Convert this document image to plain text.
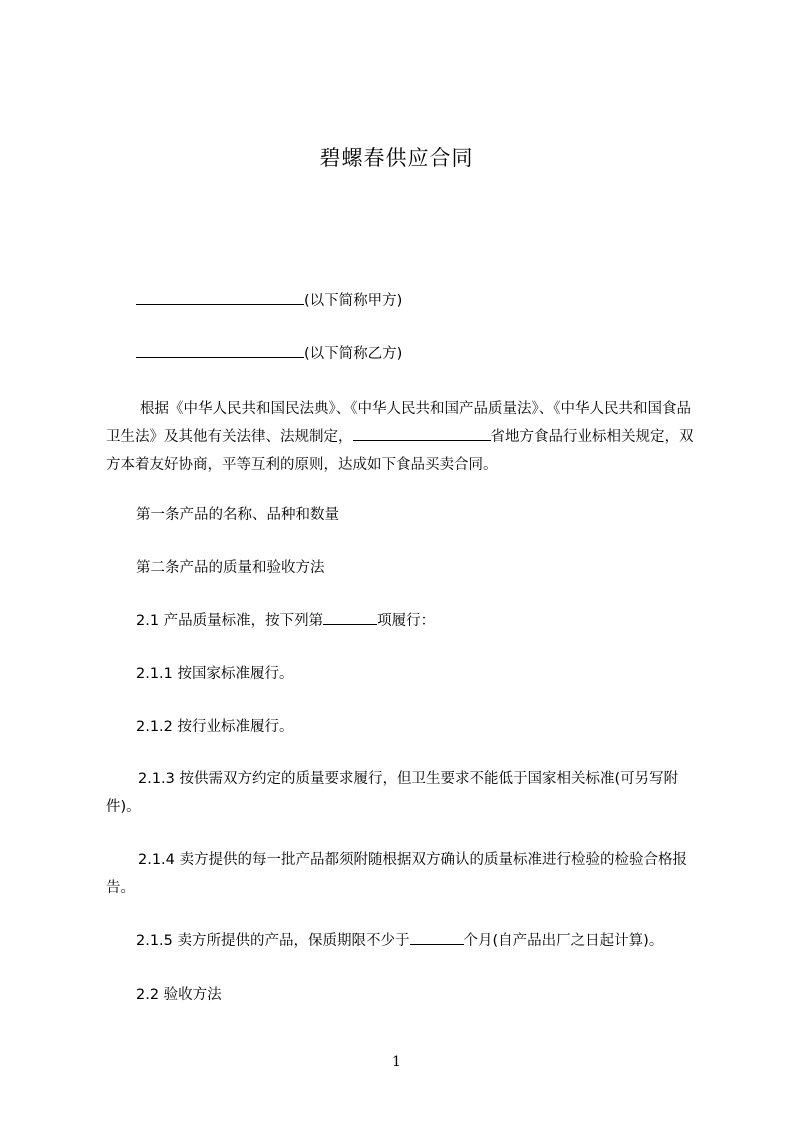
碧螺春供应合同

(以下简称甲方)

(以下简称乙方)

根据《中华人民共和国民法典》、《中华人民共和国产品质量法》、《中华人民共和国食品卫生法》及其他有关法律、法规制定，	省地方食品行业标相关规定，双方本着友好协商，平等互利的原则，达成如下食品买卖合同。

第一条产品的名称、品种和数量

第二条产品的质量和验收方法

2.1 产品质量标准，按下列第	项履行：

2.1.1 按国家标准履行。

2.1.2 按行业标准履行。

2.1.3 按供需双方约定的质量要求履行，但卫生要求不能低于国家相关标准(可另写附件)。

2.1.4 卖方提供的每一批产品都须附随根据双方确认的质量标准进行检验的检验合格报告。

2.1.5 卖方所提供的产品，保质期限不少于	个月(自产品出厂之日起计算)。

2.2 验收方法

1
